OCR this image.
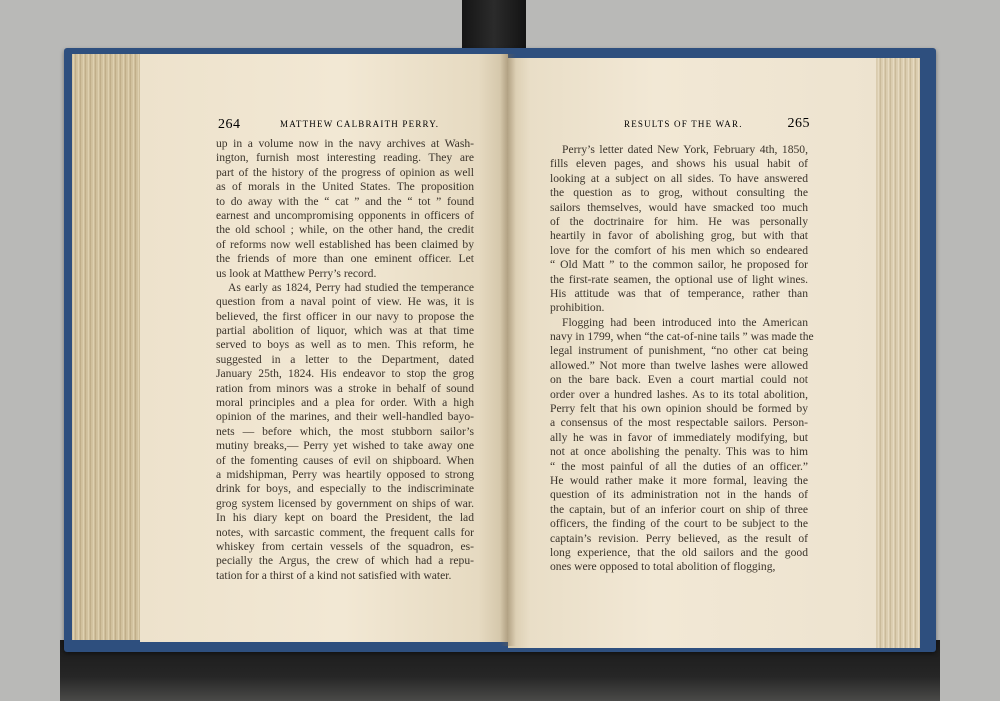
264	MATTHEW CALBRAITH PERRY.	RESULTS OF THE WAR.	265
up in a volume now in the navy archives at Wash-
ington, furnish most interesting reading. They are
part of the history of the progress of opinion as well
as of morals in the United States. The proposition
to do away with the “ cat ” and the “ tot ” found
earnest and uncompromising opponents in officers of
the old school ; while, on the other hand, the credit
of reforms now well established has been claimed by
the friends of more than one eminent officer. Let
us look at Matthew Perry’s record.
As early as 1824, Perry had studied the temperance
question from a naval point of view. He was, it is
believed, the first officer in our navy to propose the
partial abolition of liquor, which was at that time
served to boys as well as to men. This reform, he
suggested in a letter to the Department, dated
January 25th, 1824. His endeavor to stop the grog
ration from minors was a stroke in behalf of sound
moral principles and a plea for order. With a high
opinion of the marines, and their well-handled bayo-
nets — before which, the most stubborn sailor’s
mutiny breaks,— Perry yet wished to take away one
of the fomenting causes of evil on shipboard. When
a midshipman, Perry was heartily opposed to strong
drink for boys, and especially to the indiscriminate
grog system licensed by government on ships of war.
In his diary kept on board the President, the lad
notes, with sarcastic comment, the frequent calls for
whiskey from certain vessels of the squadron, es-
pecially the Argus, the crew of which had a repu-
tation for a thirst of a kind not satisfied with water.
Perry’s letter dated New York, February 4th, 1850,
fills eleven pages, and shows his usual habit of
looking at a subject on all sides. To have answered
the question as to grog, without consulting the
sailors themselves, would have smacked too much
of the doctrinaire for him. He was personally
heartily in favor of abolishing grog, but with that
love for the comfort of his men which so endeared
“ Old Matt ” to the common sailor, he proposed for
the first-rate seamen, the optional use of light wines.
His attitude was that of temperance, rather than
prohibition.
Flogging had been introduced into the American
navy in 1799, when “the cat-of-nine tails ” was made the
legal instrument of punishment, “no other cat being
allowed.” Not more than twelve lashes were allowed
on the bare back. Even a court martial could not
order over a hundred lashes. As to its total abolition,
Perry felt that his own opinion should be formed by
a consensus of the most respectable sailors. Person-
ally he was in favor of immediately modifying, but
not at once abolishing the penalty. This was to him
“ the most painful of all the duties of an officer.”
He would rather make it more formal, leaving the
question of its administration not in the hands of
the captain, but of an inferior court on ship of three
officers, the finding of the court to be subject to the
captain’s revision. Perry believed, as the result of
long experience, that the old sailors and the good
ones were opposed to total abolition of flogging,
